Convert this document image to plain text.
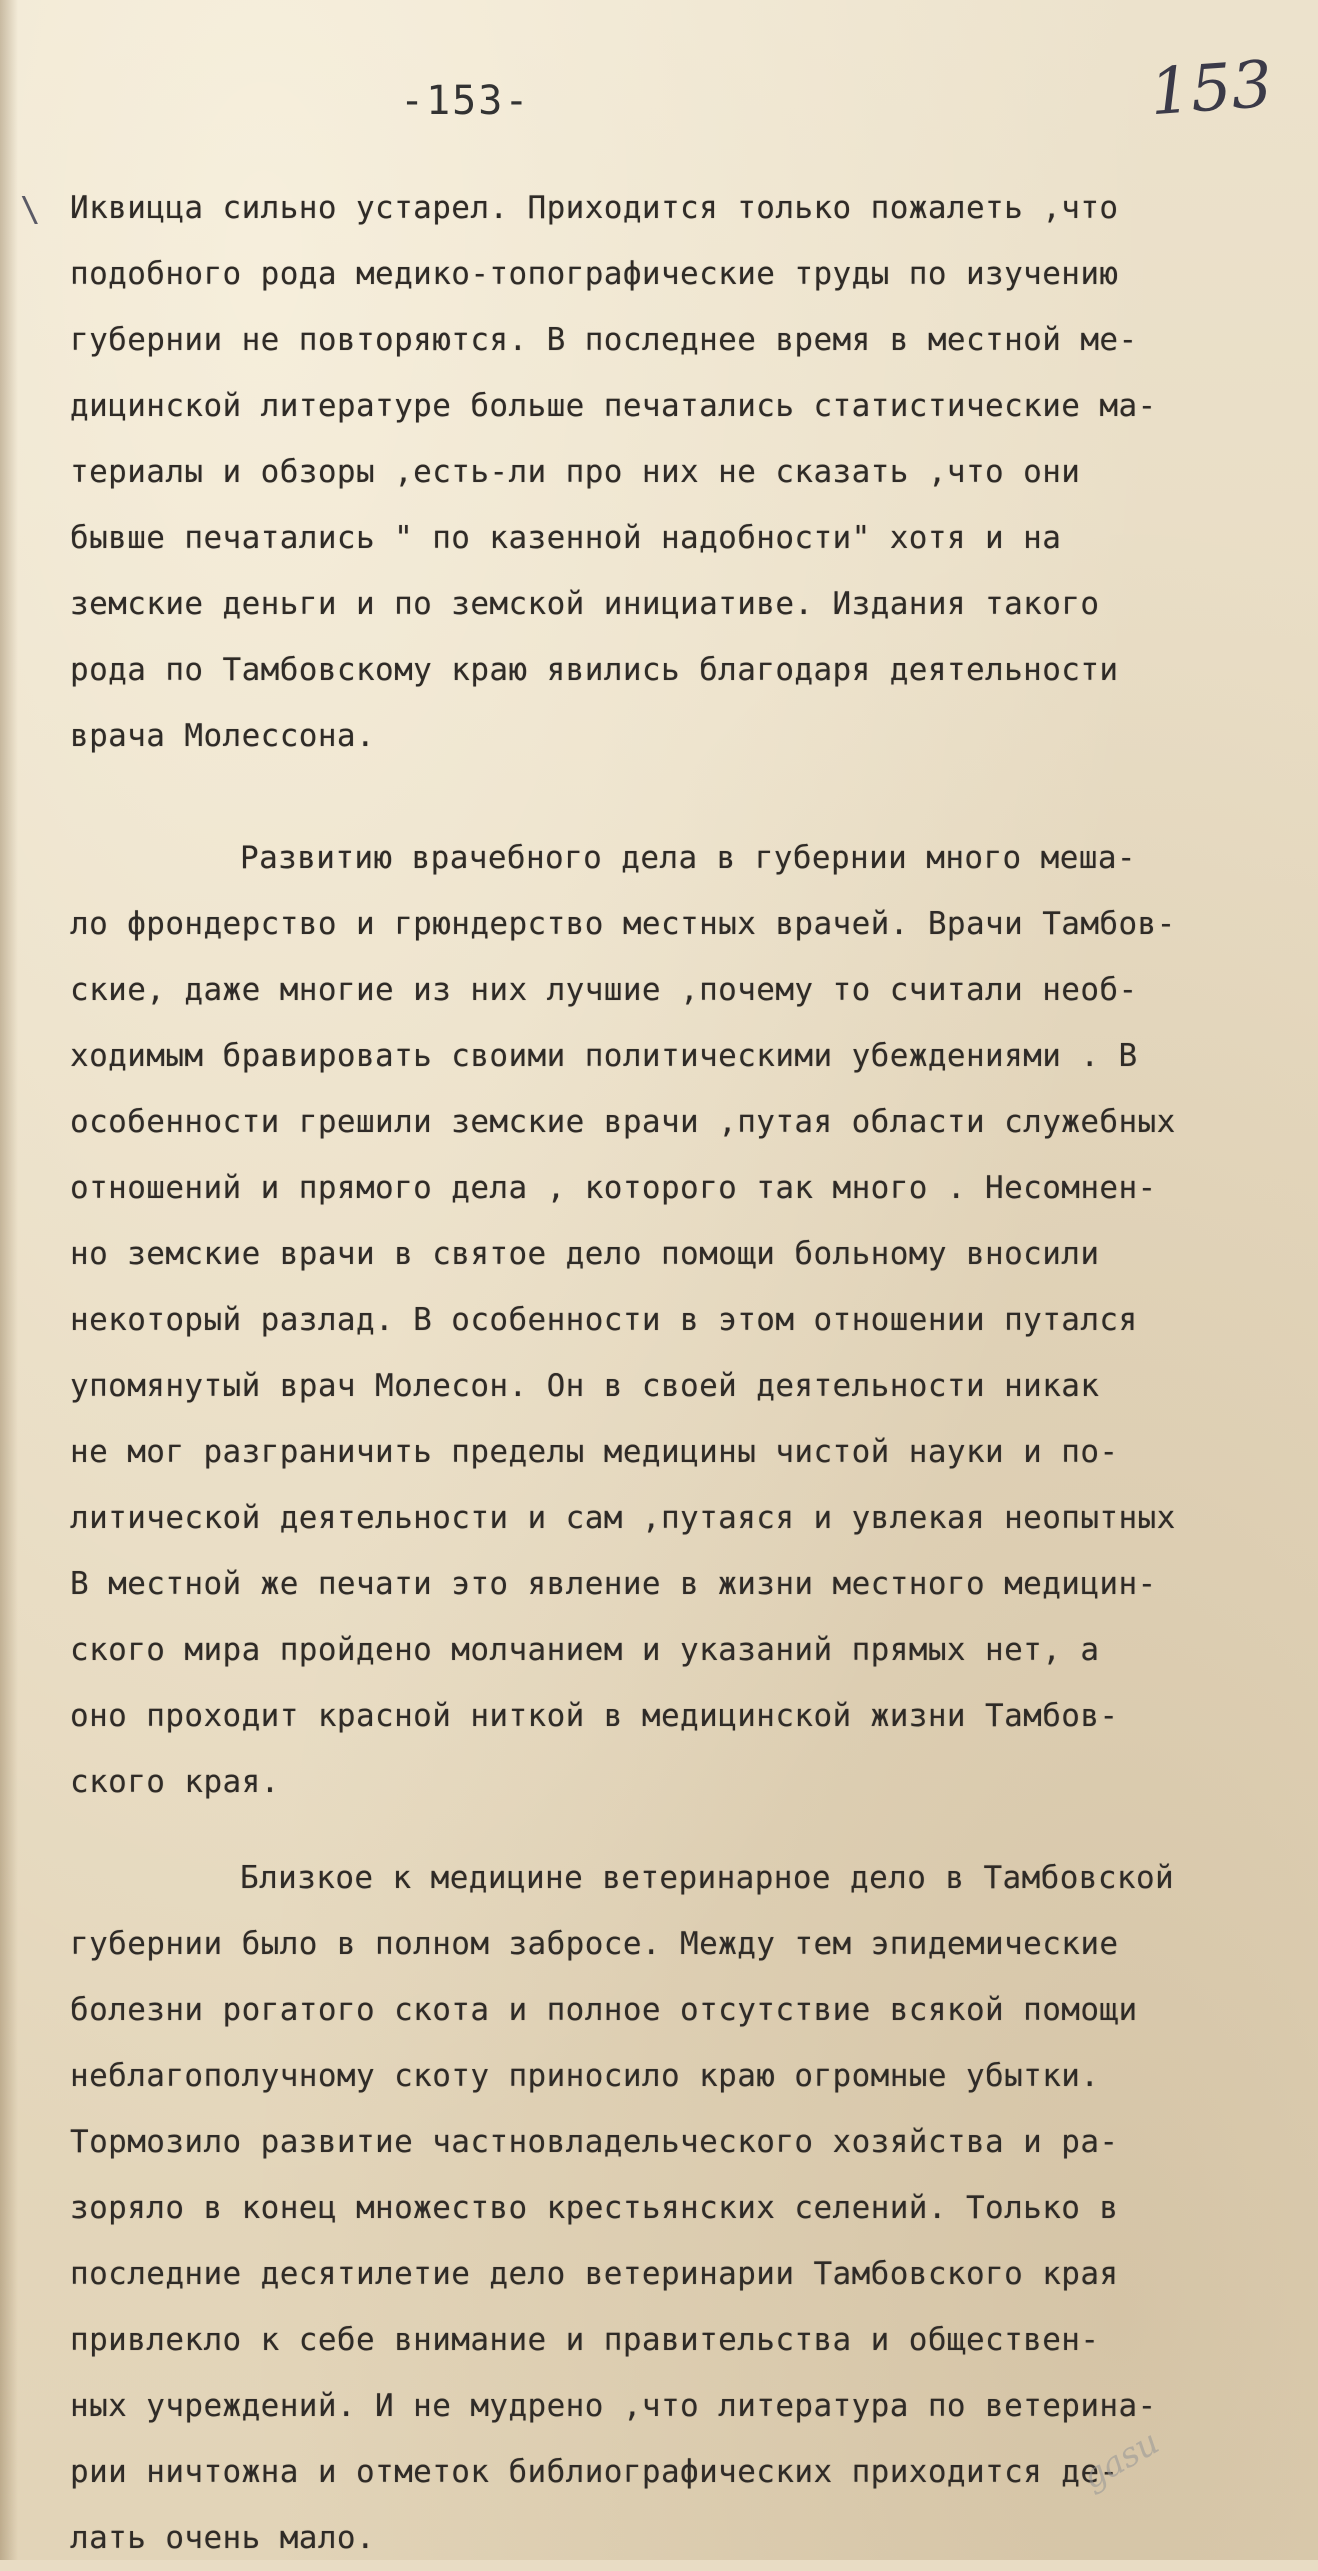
-153-	153
\ Иквицца сильно устарел. Приходится только пожалеть ,что
подобного рода медико-топографические труды по изучению
губернии не повторяются. В последнее время в местной ме-
дицинской литературе больше печатались статистические ма-
териалы и обзоры ,есть-ли про них не сказать ,что они
бывше печатались " по казенной надобности" хотя и на
земские деньги и по земской инициативе. Издания такого
рода по Тамбовскому краю явились благодаря деятельности
врача Молессона.
Развитию врачебного дела в губернии много меша-
ло фрондерство и грюндерство местных врачей. Врачи Тамбов-
ские, даже многие из них лучшие ,почему то считали необ-
ходимым бравировать своими политическими убеждениями . В
особенности грешили земские врачи ,путая области служебных
отношений и прямого дела , которого так много . Несомнен-
но земские врачи в святое дело помощи больному вносили
некоторый разлад. В особенности в этом отношении путался
упомянутый врач Молесон. Он в своей деятельности никак
не мог разграничить пределы медицины чистой науки и по-
литической деятельности и сам ,путаяся и увлекая неопытных
В местной же печати это явление в жизни местного медицин-
ского мира пройдено молчанием и указаний прямых нет, а
оно проходит красной ниткой в медицинской жизни Тамбов-
ского края.
Близкое к медицине ветеринарное дело в Тамбовской
губернии было в полном забросе. Между тем эпидемические
болезни рогатого скота и полное отсутствие всякой помощи
неблагополучному скоту приносило краю огромные убытки.
Тормозило развитие частновладельческого хозяйства и ра-
зоряло в конец множество крестьянских селений. Только в
последние десятилетие дело ветеринарии Тамбовского края
привлекло к себе внимание и правительства и обществен-
ных учреждений. И не мудрено ,что литература по ветерина-
рии ничтожна и отметок библиографических приходится де-
лать очень мало.
gasu
